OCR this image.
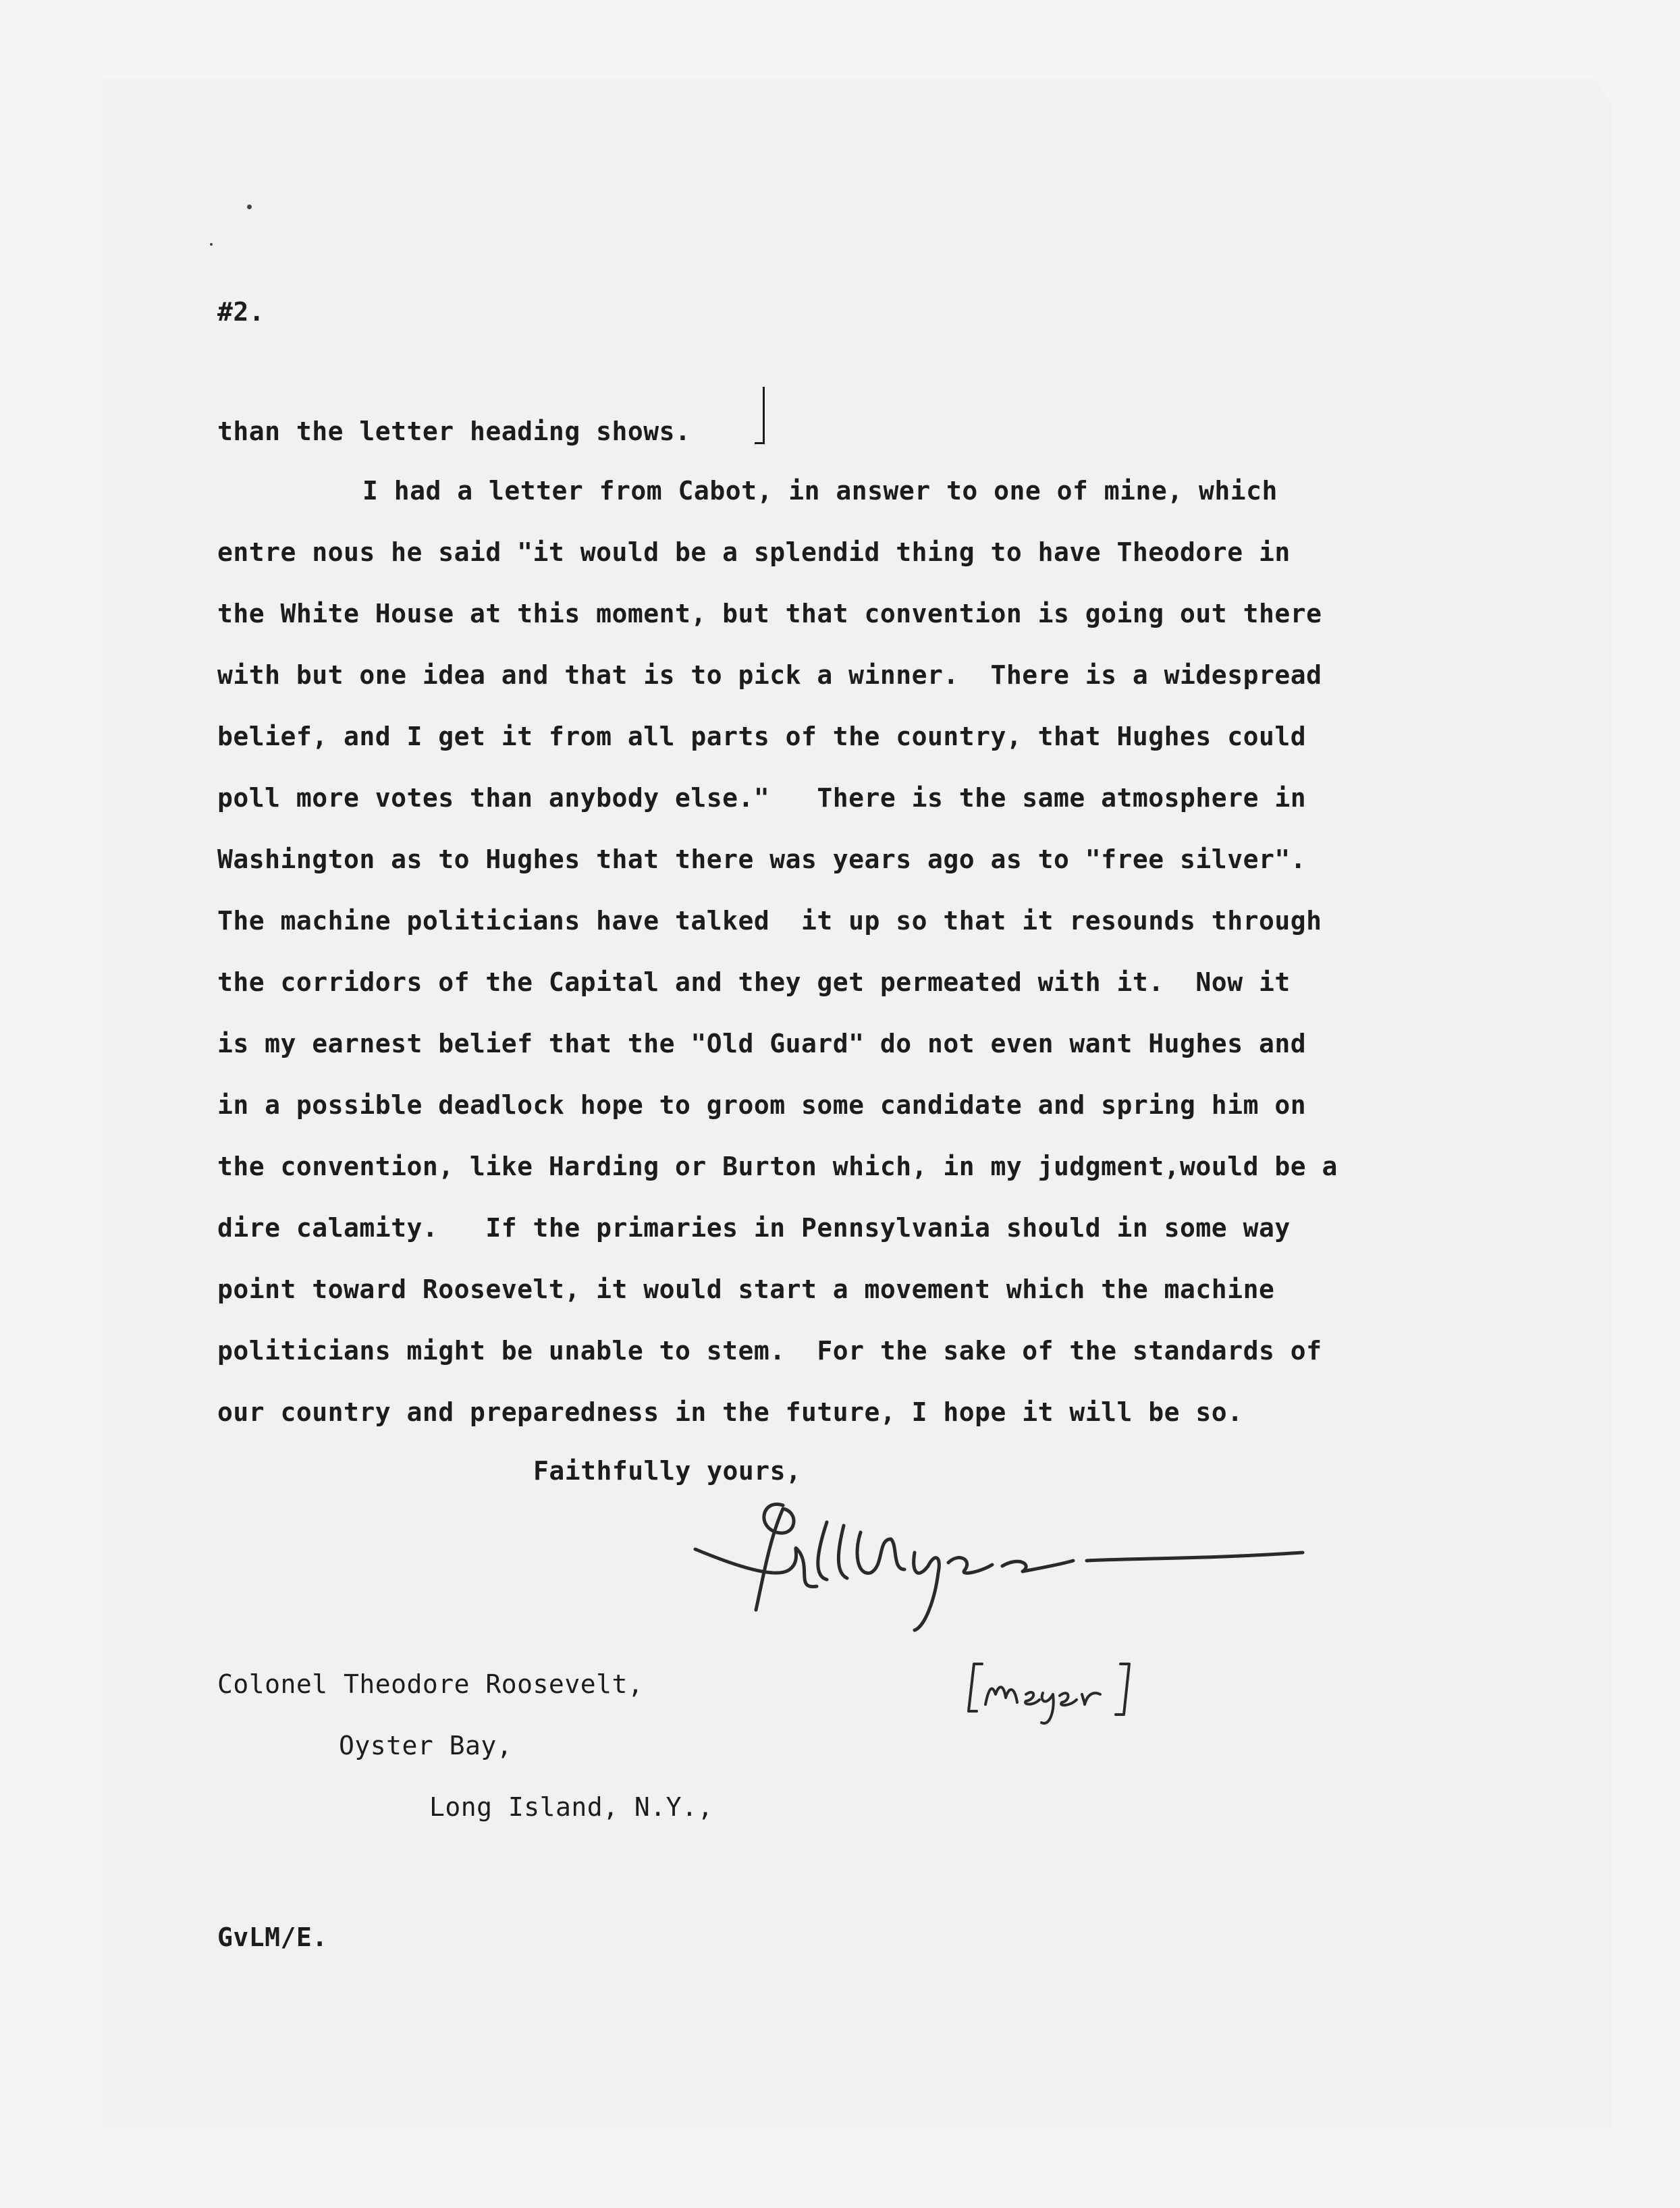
#2.

than the letter heading shows.

I had a letter from Cabot, in answer to one of mine, which

entre nous he said "it would be a splendid thing to have Theodore in

the White House at this moment, but that convention is going out there

with but one idea and that is to pick a winner.  There is a widespread

belief, and I get it from all parts of the country, that Hughes could

poll more votes than anybody else."   There is the same atmosphere in

Washington as to Hughes that there was years ago as to "free silver".

The machine politicians have talked  it up so that it resounds through

the corridors of the Capital and they get permeated with it.  Now it

is my earnest belief that the "Old Guard" do not even want Hughes and

in a possible deadlock hope to groom some candidate and spring him on

the convention, like Harding or Burton which, in my judgment,would be a

dire calamity.   If the primaries in Pennsylvania should in some way

point toward Roosevelt, it would start a movement which the machine

politicians might be unable to stem.  For the sake of the standards of

our country and preparedness in the future, I hope it will be so.

Faithfully yours,

Colonel Theodore Roosevelt,

Oyster Bay,

Long Island, N.Y.,

GvLM/E.
